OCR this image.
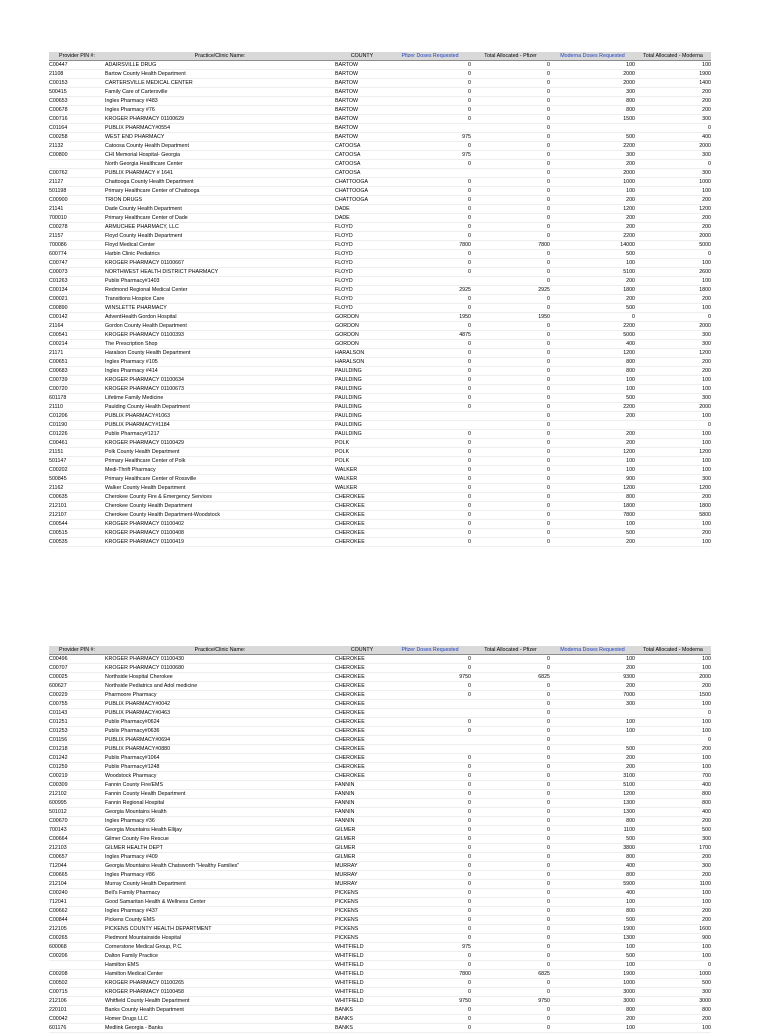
Provider PIN #:	Practice/Clinic Name:	COUNTY	Pfizer Doses Requested	Total Allocated - Pfizer	Moderna Doses Requested	Total Allocated - Moderna
C00447	ADAIRSVILLE DRUG	BARTOW	0	0	100	100
21108	Bartow County Health Department	BARTOW	0	0	2000	1900
C00153	CARTERSVILLE MEDICAL CENTER	BARTOW	0	0	2000	1400
500415	Family Care of Cartersville	BARTOW	0	0	300	200
C00653	Ingles Pharmacy #483	BARTOW	0	0	800	200
C00678	Ingles Pharmacy #76	BARTOW	0	0	800	200
C00716	KROGER PHARMACY 01100629	BARTOW	0	0	1500	300
C01164	PUBLIX PHARMACY#0554	BARTOW		0		0
C00258	WEST END PHARMACY	BARTOW	975	0	500	400
21132	Catoosa County Health Department	CATOOSA	0	0	2200	2000
C00800	CHI Memorial Hospital- Georgia	CATOOSA	975	0	300	300
	North Georgia Healthcare Center	CATOOSA	0	0	200	0
C00762	PUBLIX PHARMACY # 1641	CATOOSA		0	2000	300
21127	Chattooga County Health Department	CHATTOOGA	0	0	1000	1000
501198	Primary Healthcare Center of Chattooga	CHATTOOGA	0	0	100	100
C00900	TRION DRUGS	CHATTOOGA	0	0	200	200
21141	Dade County Health Department	DADE	0	0	1200	1200
700010	Primary Healthcare Center of Dade	DADE	0	0	200	200
C00278	ARMUCHEE PHARMACY, LLC	FLOYD	0	0	200	200
21157	Floyd County Health Department	FLOYD	0	0	2200	2000
700086	Floyd Medical Center	FLOYD	7800	7800	14000	5000
600774	Harbin Clinic Pediatrics	FLOYD	0	0	500	0
C00747	KROGER PHARMACY 01100667	FLOYD	0	0	100	100
C00073	NORTHWEST HEALTH DISTRICT PHARMACY	FLOYD	0	0	5100	2600
C01263	Publix Pharmacy#1403	FLOYD		0	200	100
C00134	Redmond Regional Medical Center	FLOYD	2925	2925	1800	1800
C00021	Transitions Hospice Care	FLOYD	0	0	200	200
C00890	WINSLETTE PHARMACY	FLOYD	0	0	500	100
C00142	AdventHealth Gordon Hospital	GORDON	1950	1950	0	0
21164	Gordon County Health Department	GORDON	0	0	2200	2000
C00541	KROGER PHARMACY 01100393	GORDON	4875	0	5000	300
C00214	The Prescription Shop	GORDON	0	0	400	300
21171	Haralson County Health Department	HARALSON	0	0	1200	1200
C00651	Ingles Pharmacy #105	HARALSON	0	0	800	200
C00683	Ingles Pharmacy #414	PAULDING	0	0	800	200
C00739	KROGER PHARMACY 01100634	PAULDING	0	0	100	100
C00720	KROGER PHARMACY 01100673	PAULDING	0	0	100	100
601178	Lifetime Family Medicine	PAULDING	0	0	500	300
21110	Paulding County Health Department	PAULDING	0	0	2200	2000
C01206	PUBLIX PHARMACY#1063	PAULDING		0	200	100
C01190	PUBLIX PHARMACY#1184	PAULDING		0		0
C01226	Publix Pharmacy#1217	PAULDING	0	0	200	100
C00461	KROGER PHARMACY 01100429	POLK	0	0	200	100
21151	Polk County Health Department	POLK	0	0	1200	1200
501147	Primary Healthcare Center of Polk	POLK	0	0	100	100
C00202	Medi-Thrift Pharmacy	WALKER	0	0	100	100
500845	Primary Healthcare Center of Rossville	WALKER	0	0	900	300
21162	Walker County Health Department	WALKER	0	0	1200	1200
C00635	Cherokee County Fire & Emergency Services	CHEROKEE	0	0	800	200
212101	Cherokee County Health Department	CHEROKEE	0	0	1800	1800
212107	Cherokee County Health Department-Woodstock	CHEROKEE	0	0	7800	5800
C00544	KROGER PHARMACY 01100402	CHEROKEE	0	0	100	100
C00515	KROGER PHARMACY 01100408	CHEROKEE	0	0	500	200
C00535	KROGER PHARMACY 01100419	CHEROKEE	0	0	200	100
Provider PIN #:	Practice/Clinic Name:	COUNTY	Pfizer Doses Requested	Total Allocated - Pfizer	Moderna Doses Requested	Total Allocated - Moderna
C00496	KROGER PHARMACY 01100430	CHEROKEE	0	0	100	100
C00707	KROGER PHARMACY 01100680	CHEROKEE	0	0	200	100
C00025	Northside Hospital Cherokee	CHEROKEE	9750	6825	9300	2000
600627	Northside Pediatrics and Adol medicine	CHEROKEE	0	0	200	200
C00229	Pharmoore Pharmacy	CHEROKEE	0	0	7000	1500
C00755	PUBLIX PHARMACY#0042	CHEROKEE		0	300	100
C01143	PUBLIX PHARMACY#0463	CHEROKEE		0		0
C01251	Publix Pharmacy#0624	CHEROKEE	0	0	100	100
C01253	Publix Pharmacy#0636	CHEROKEE	0	0	100	100
C01156	PUBLIX PHARMACY#0694	CHEROKEE		0		0
C01218	PUBLIX PHARMACY#0880	CHEROKEE		0	500	200
C01242	Publix Pharmacy#1064	CHEROKEE	0	0	200	100
C01259	Publix Pharmacy#1248	CHEROKEE	0	0	200	100
C00219	Woodstock Pharmacy	CHEROKEE	0	0	3100	700
C00309	Fannin County Fire/EMS	FANNIN	0	0	5100	400
212102	Fannin County Health Department	FANNIN	0	0	1200	800
600995	Fannin Regional Hospital	FANNIN	0	0	1300	800
501012	Georgia Mountains Health	FANNIN	0	0	1300	400
C00670	Ingles Pharmacy #36	FANNIN	0	0	800	200
700143	Georgia Mountains Health Ellijay	GILMER	0	0	1100	500
C00664	Gilmer County Fire Rescue	GILMER	0	0	500	300
212103	GILMER HEALTH DEPT	GILMER	0	0	3800	1700
C00657	Ingles Pharmacy #409	GILMER	0	0	800	200
712044	Georgia Mountains Health Chatsworth "Healthy Families"	MURRAY	0	0	400	300
C00665	Ingles Pharmacy #86	MURRAY	0	0	800	200
212104	Murray County Health Department	MURRAY	0	0	5900	1100
C00240	Bell's Family Pharmacy	PICKENS	0	0	400	100
712041	Good Samaritan Health & Wellness Center	PICKENS	0	0	100	100
C00662	Ingles Pharmacy #437	PICKENS	0	0	800	200
C00844	Pickens County EMS	PICKENS	0	0	500	200
212105	PICKENS COUNTY HEALTH DEPARTMENT	PICKENS	0	0	1900	1600
C00265	Piedmont Mountainside Hospital	PICKENS	0	0	1300	900
600068	Cornerstone Medical Group, P.C.	WHITFIELD	975	0	100	100
C00206	Dalton Family Practice	WHITFIELD	0	0	500	100
	Hamilton EMS	WHITFIELD	0	0	100	0
C00208	Hamilton Medical Center	WHITFIELD	7800	6825	1900	1000
C00502	KROGER PHARMACY 01100265	WHITFIELD	0	0	1000	500
C00715	KROGER PHARMACY 01100458	WHITFIELD	0	0	3000	300
212106	Whitfield County Health Department	WHITFIELD	9750	9750	3000	3000
220101	Banks County Health Department	BANKS	0	0	800	800
C00042	Homer Drugs LLC	BANKS	0	0	200	200
601176	Medlink Georgia - Banks	BANKS	0	0	100	100
